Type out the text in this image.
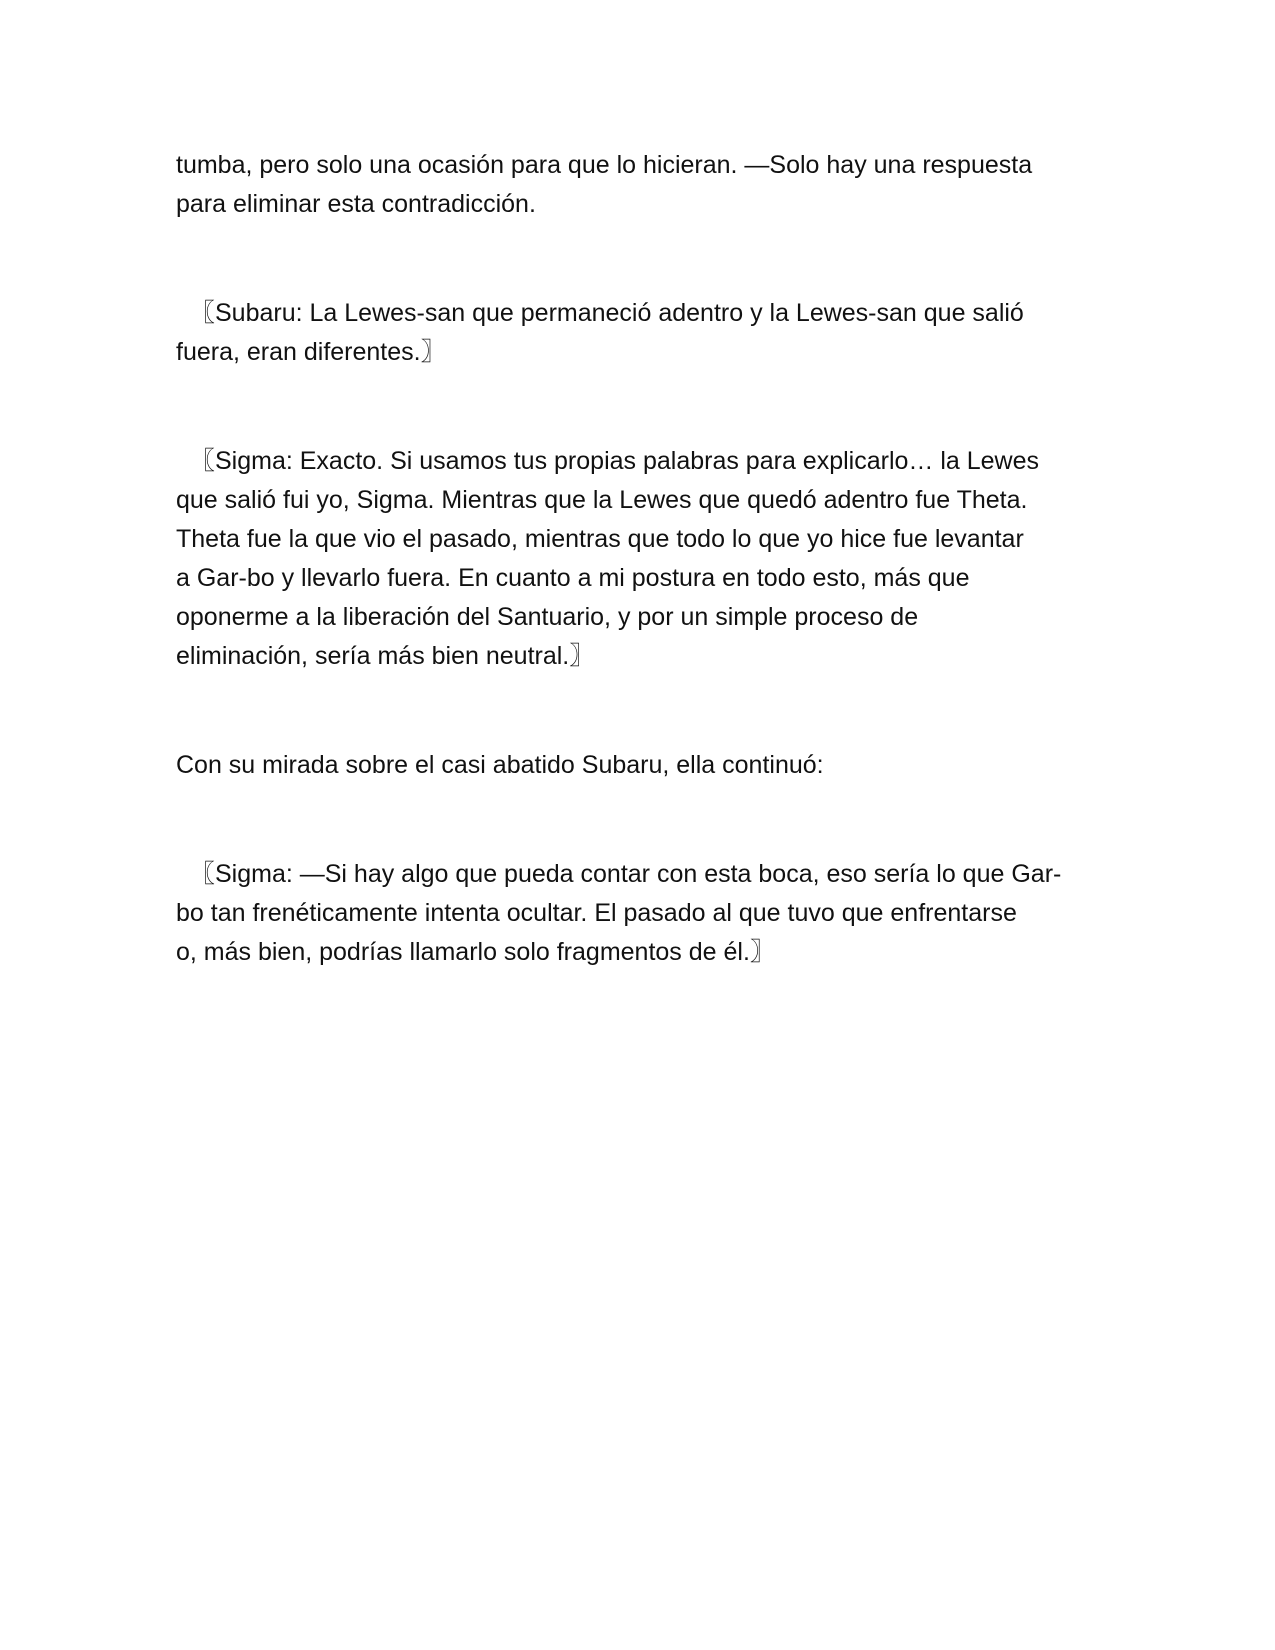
tumba, pero solo una ocasión para que lo hicieran. —Solo hay una respuesta
para eliminar esta contradicción.

〖Subaru: La Lewes-san que permaneció adentro y la Lewes-san que salió
fuera, eran diferentes.〗

〖Sigma: Exacto. Si usamos tus propias palabras para explicarlo… la Lewes
que salió fui yo, Sigma. Mientras que la Lewes que quedó adentro fue Theta.
Theta fue la que vio el pasado, mientras que todo lo que yo hice fue levantar
a Gar-bo y llevarlo fuera. En cuanto a mi postura en todo esto, más que
oponerme a la liberación del Santuario, y por un simple proceso de
eliminación, sería más bien neutral.〗

Con su mirada sobre el casi abatido Subaru, ella continuó:

〖Sigma: —Si hay algo que pueda contar con esta boca, eso sería lo que Gar-
bo tan frenéticamente intenta ocultar. El pasado al que tuvo que enfrentarse
o, más bien, podrías llamarlo solo fragmentos de él.〗
